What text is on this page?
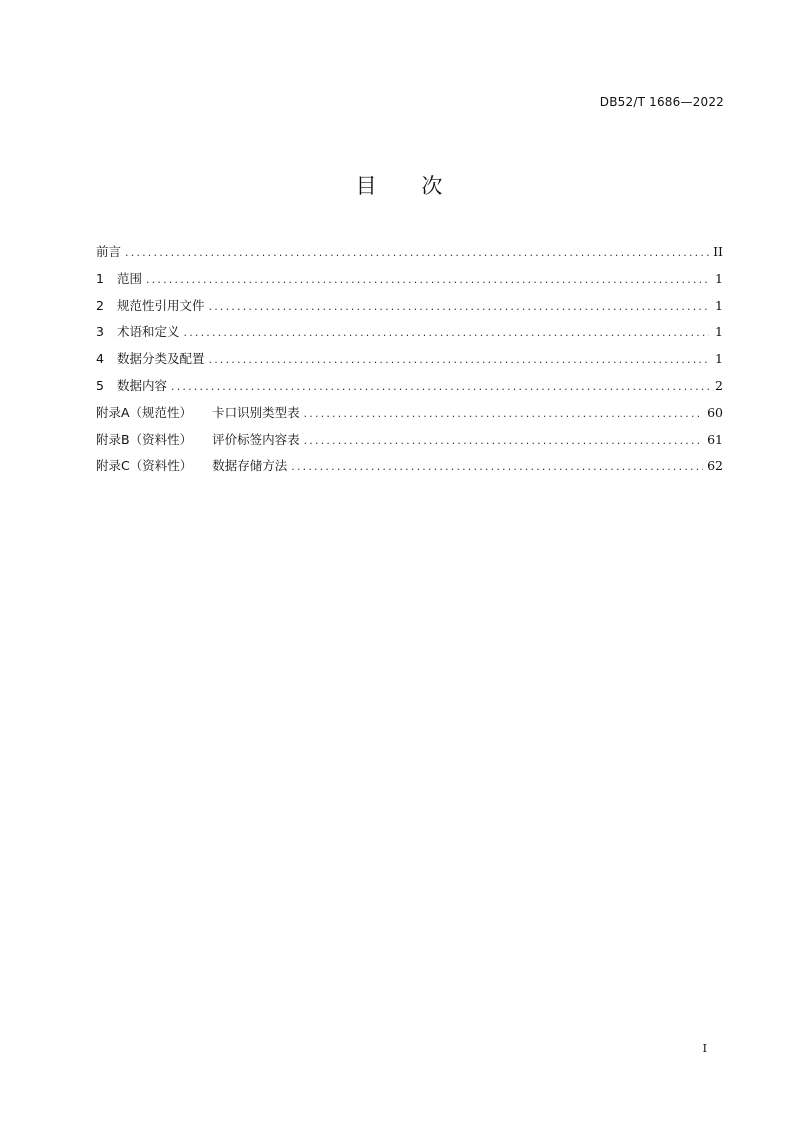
DB52/T 1686—2022
目 次
前言 .....	II
1	范围 .....	1
2	规范性引用文件 .....	1
3	术语和定义 .....	1
4	数据分类及配置 .....	1
5	数据内容 .....	2
附录A（规范性） 卡口识别类型表 .....	60
附录B（资料性） 评价标签内容表 .....	61
附录C（资料性） 数据存储方法 .....	62
I
